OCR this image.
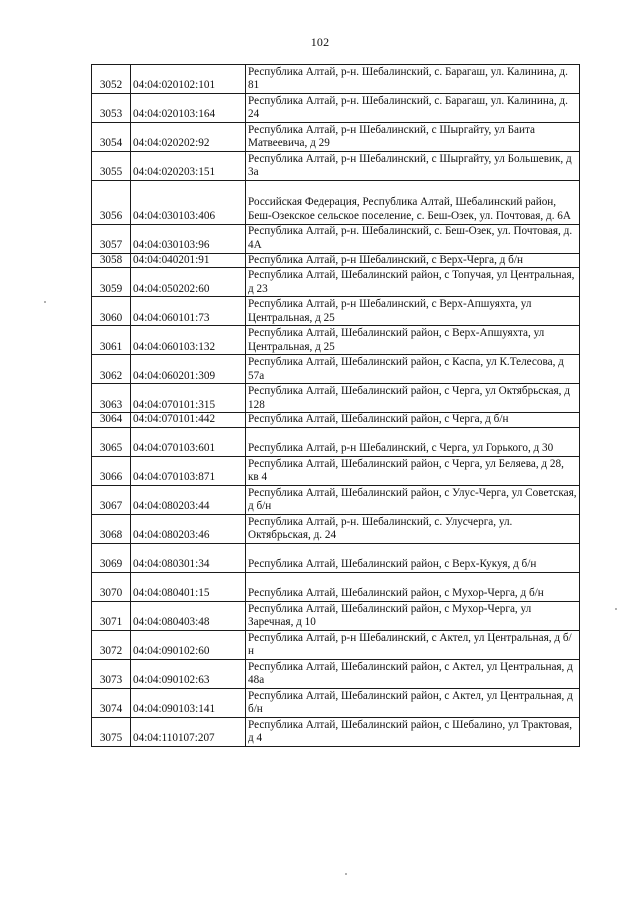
102
3052	04:04:020102:101	Республика Алтай, р-н. Шебалинский, с. Барагаш, ул. Калинина, д. 81
3053	04:04:020103:164	Республика Алтай, р-н. Шебалинский, с. Барагаш, ул. Калинина, д. 24
3054	04:04:020202:92	Республика Алтай, р-н Шебалинский, с Шыргайту, ул Баита Матвеевича, д 29
3055	04:04:020203:151	Республика Алтай, р-н Шебалинский, с Шыргайту, ул Большевик, д 3а
3056	04:04:030103:406	Российская Федерация, Республика Алтай, Шебалинский район, Беш-Озекское сельское поселение, с. Беш-Озек, ул. Почтовая, д. 6А
3057	04:04:030103:96	Республика Алтай, р-н. Шебалинский, с. Беш-Озек, ул. Почтовая, д. 4А
3058	04:04:040201:91	Республика Алтай, р-н Шебалинский, с Верх-Черга, д б/н
3059	04:04:050202:60	Республика Алтай, Шебалинский район, с Топучая, ул Центральная, д 23
3060	04:04:060101:73	Республика Алтай, р-н Шебалинский, с Верх-Апшуяхта, ул Центральная, д 25
3061	04:04:060103:132	Республика Алтай, Шебалинский район, с Верх-Апшуяхта, ул Центральная, д 25
3062	04:04:060201:309	Республика Алтай, Шебалинский район, с Каспа, ул К.Телесова, д 57а
3063	04:04:070101:315	Республика Алтай, Шебалинский район, с Черга, ул Октябрьская, д 128
3064	04:04:070101:442	Республика Алтай, Шебалинский район, с Черга, д б/н
3065	04:04:070103:601	Республика Алтай, р-н Шебалинский, с Черга, ул Горького, д 30
3066	04:04:070103:871	Республика Алтай, Шебалинский район, с Черга, ул Беляева, д 28, кв 4
3067	04:04:080203:44	Республика Алтай, Шебалинский район, с Улус-Черга, ул Советская, д б/н
3068	04:04:080203:46	Республика Алтай, р-н. Шебалинский, с. Улусчерга, ул. Октябрьская, д. 24
3069	04:04:080301:34	Республика Алтай, Шебалинский район, с Верх-Кукуя, д б/н
3070	04:04:080401:15	Республика Алтай, Шебалинский район, с Мухор-Черга, д б/н
3071	04:04:080403:48	Республика Алтай, Шебалинский район, с Мухор-Черга, ул Заречная, д 10
3072	04:04:090102:60	Республика Алтай, р-н Шебалинский, с Актел, ул Центральная, д б/н
3073	04:04:090102:63	Республика Алтай, Шебалинский район, с Актел, ул Центральная, д 48а
3074	04:04:090103:141	Республика Алтай, Шебалинский район, с Актел, ул Центральная, д б/н
3075	04:04:110107:207	Республика Алтай, Шебалинский район, с Шебалино, ул Трактовая, д 4
